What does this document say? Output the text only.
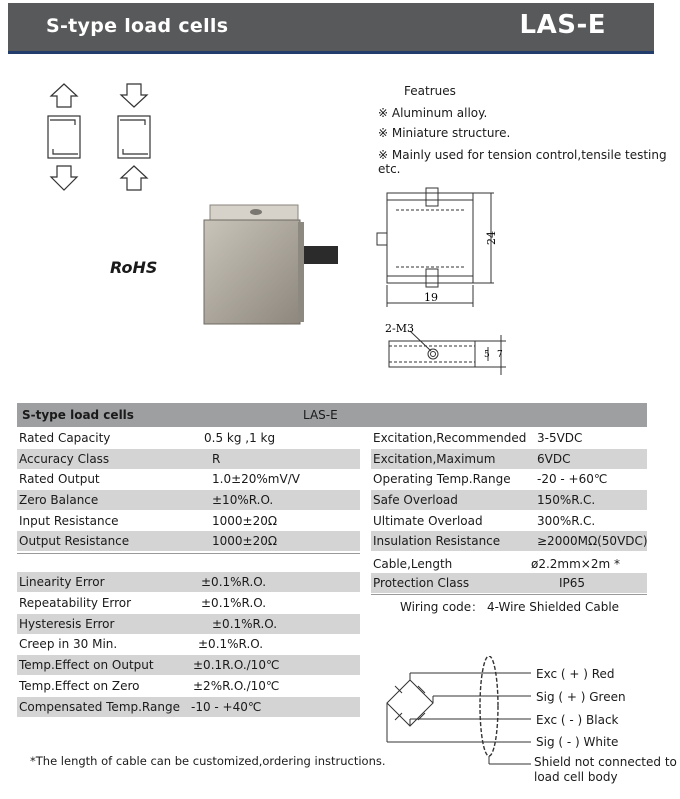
S-type load cells	LAS-E
RoHS
Featrues
※ Aluminum alloy.
※ Miniature structure.
※ Mainly used for tension control,tensile testing etc.
24
19
2-M3
5 7
S-type load cells	LAS-E
Rated Capacity	0.5 kg ,1 kg
Accuracy Class	R
Rated Output	1.0±20%mV/V
Zero Balance	±10%R.O.
Input Resistance	1000±20Ω
Output Resistance	1000±20Ω
Linearity Error	±0.1%R.O.
Repeatability Error	±0.1%R.O.
Hysteresis Error	±0.1%R.O.
Creep in 30 Min.	±0.1%R.O.
Temp.Effect on Output	±0.1R.O./10℃
Temp.Effect on Zero	±2%R.O./10℃
Compensated Temp.Range -10 - +40℃
Excitation,Recommended 3-5VDC
Excitation,Maximum	6VDC
Operating Temp.Range -20 - +60℃
Safe Overload	150%R.C.
Ultimate Overload	300%R.C.
Insulation Resistance	≥2000MΩ(50VDC)
Cable,Length	ø2.2mm×2m *
Protection Class	IP65
Wiring code： 4-Wire Shielded Cable
Exc ( + ) Red
Sig ( + ) Green
Exc ( - ) Black
Sig ( - ) White
Shield not connected to
load cell body
*The length of cable can be customized,ordering instructions.
